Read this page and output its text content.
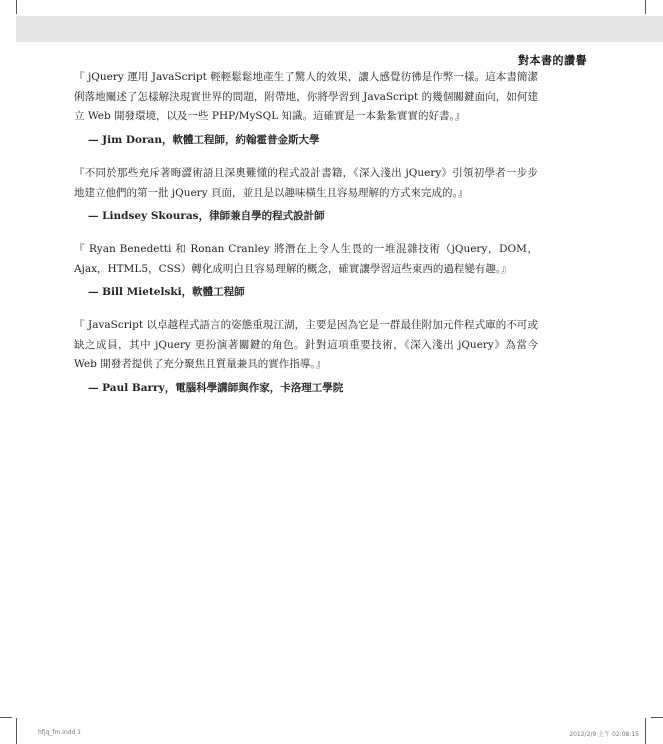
對本書的讚譽

『 jQuery 運用 JavaScript 輕輕鬆鬆地產生了驚人的效果，讓人感覺彷彿是作弊一樣。這本書簡潔俐落地闡述了怎樣解決現實世界的問題，附帶地，你將學習到 JavaScript 的幾個關鍵面向，如何建立 Web 開發環境，以及一些 PHP/MySQL 知識。這確實是一本紮紮實實的好書。』

— Jim Doran，軟體工程師，約翰霍普金斯大學

『不同於那些充斥著晦澀術語且深奧難懂的程式設計書籍，《深入淺出 jQuery》引領初學者一步步地建立他們的第一批 jQuery 頁面，並且是以趣味橫生且容易理解的方式來完成的。』

— Lindsey Skouras，律師兼自學的程式設計師

『 Ryan Benedetti 和 Ronan Cranley 將潛在上令人生畏的一堆混雜技術（jQuery，DOM，Ajax，HTML5，CSS）轉化成明白且容易理解的概念，確實讓學習這些東西的過程變有趣。』

— Bill Mietelski，軟體工程師

『 JavaScript 以卓越程式語言的姿態重現江湖，主要是因為它是一群最佳附加元件程式庫的不可或缺之成員，其中 jQuery 更扮演著關鍵的角色。針對這項重要技術，《深入淺出 jQuery》為當今 Web 開發者提供了充分聚焦且質量兼具的實作指導。』

— Paul Barry，電腦科學講師與作家，卡洛理工學院

hfjq_fm.indd 1	2012/2/9 上午 02:08:15
